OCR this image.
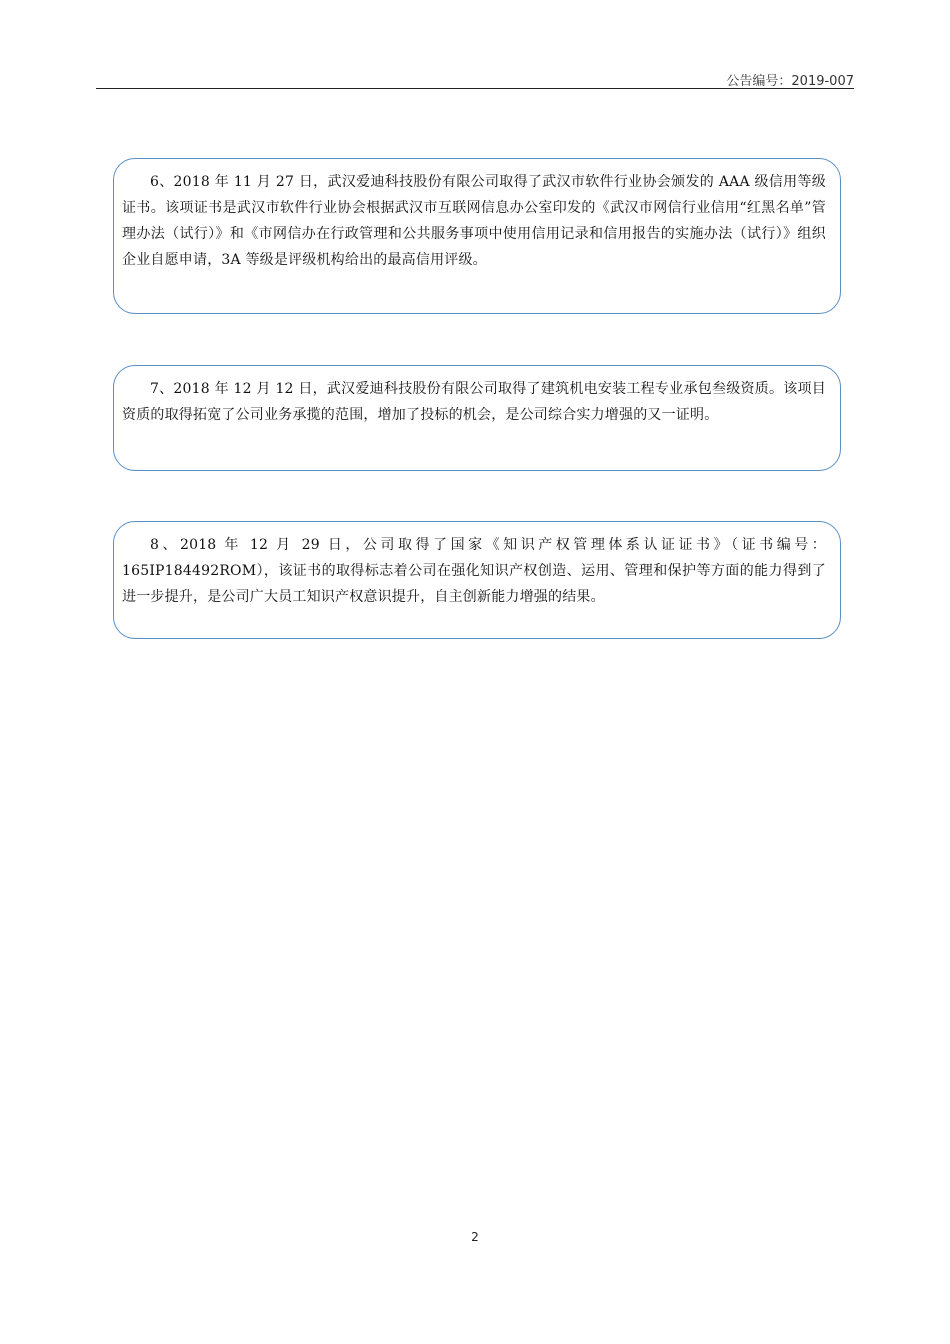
公告编号：2019-007

6、2018 年 11 月 27 日，武汉爱迪科技股份有限公司取得了武汉市软件行业协会颁发的 AAA 级信用等级证书。该项证书是武汉市软件行业协会根据武汉市互联网信息办公室印发的《武汉市网信行业信用“红黑名单”管理办法（试行）》和《市网信办在行政管理和公共服务事项中使用信用记录和信用报告的实施办法（试行）》组织企业自愿申请，3A 等级是评级机构给出的最高信用评级。

7、2018 年 12 月 12 日，武汉爱迪科技股份有限公司取得了建筑机电安装工程专业承包叁级资质。该项目资质的取得拓宽了公司业务承揽的范围，增加了投标的机会，是公司综合实力增强的又一证明。

8、2018 年 12 月 29 日，公司取得了国家《知识产权管理体系认证证书》（证书编号：165IP184492ROM），该证书的取得标志着公司在强化知识产权创造、运用、管理和保护等方面的能力得到了进一步提升，是公司广大员工知识产权意识提升，自主创新能力增强的结果。

2
